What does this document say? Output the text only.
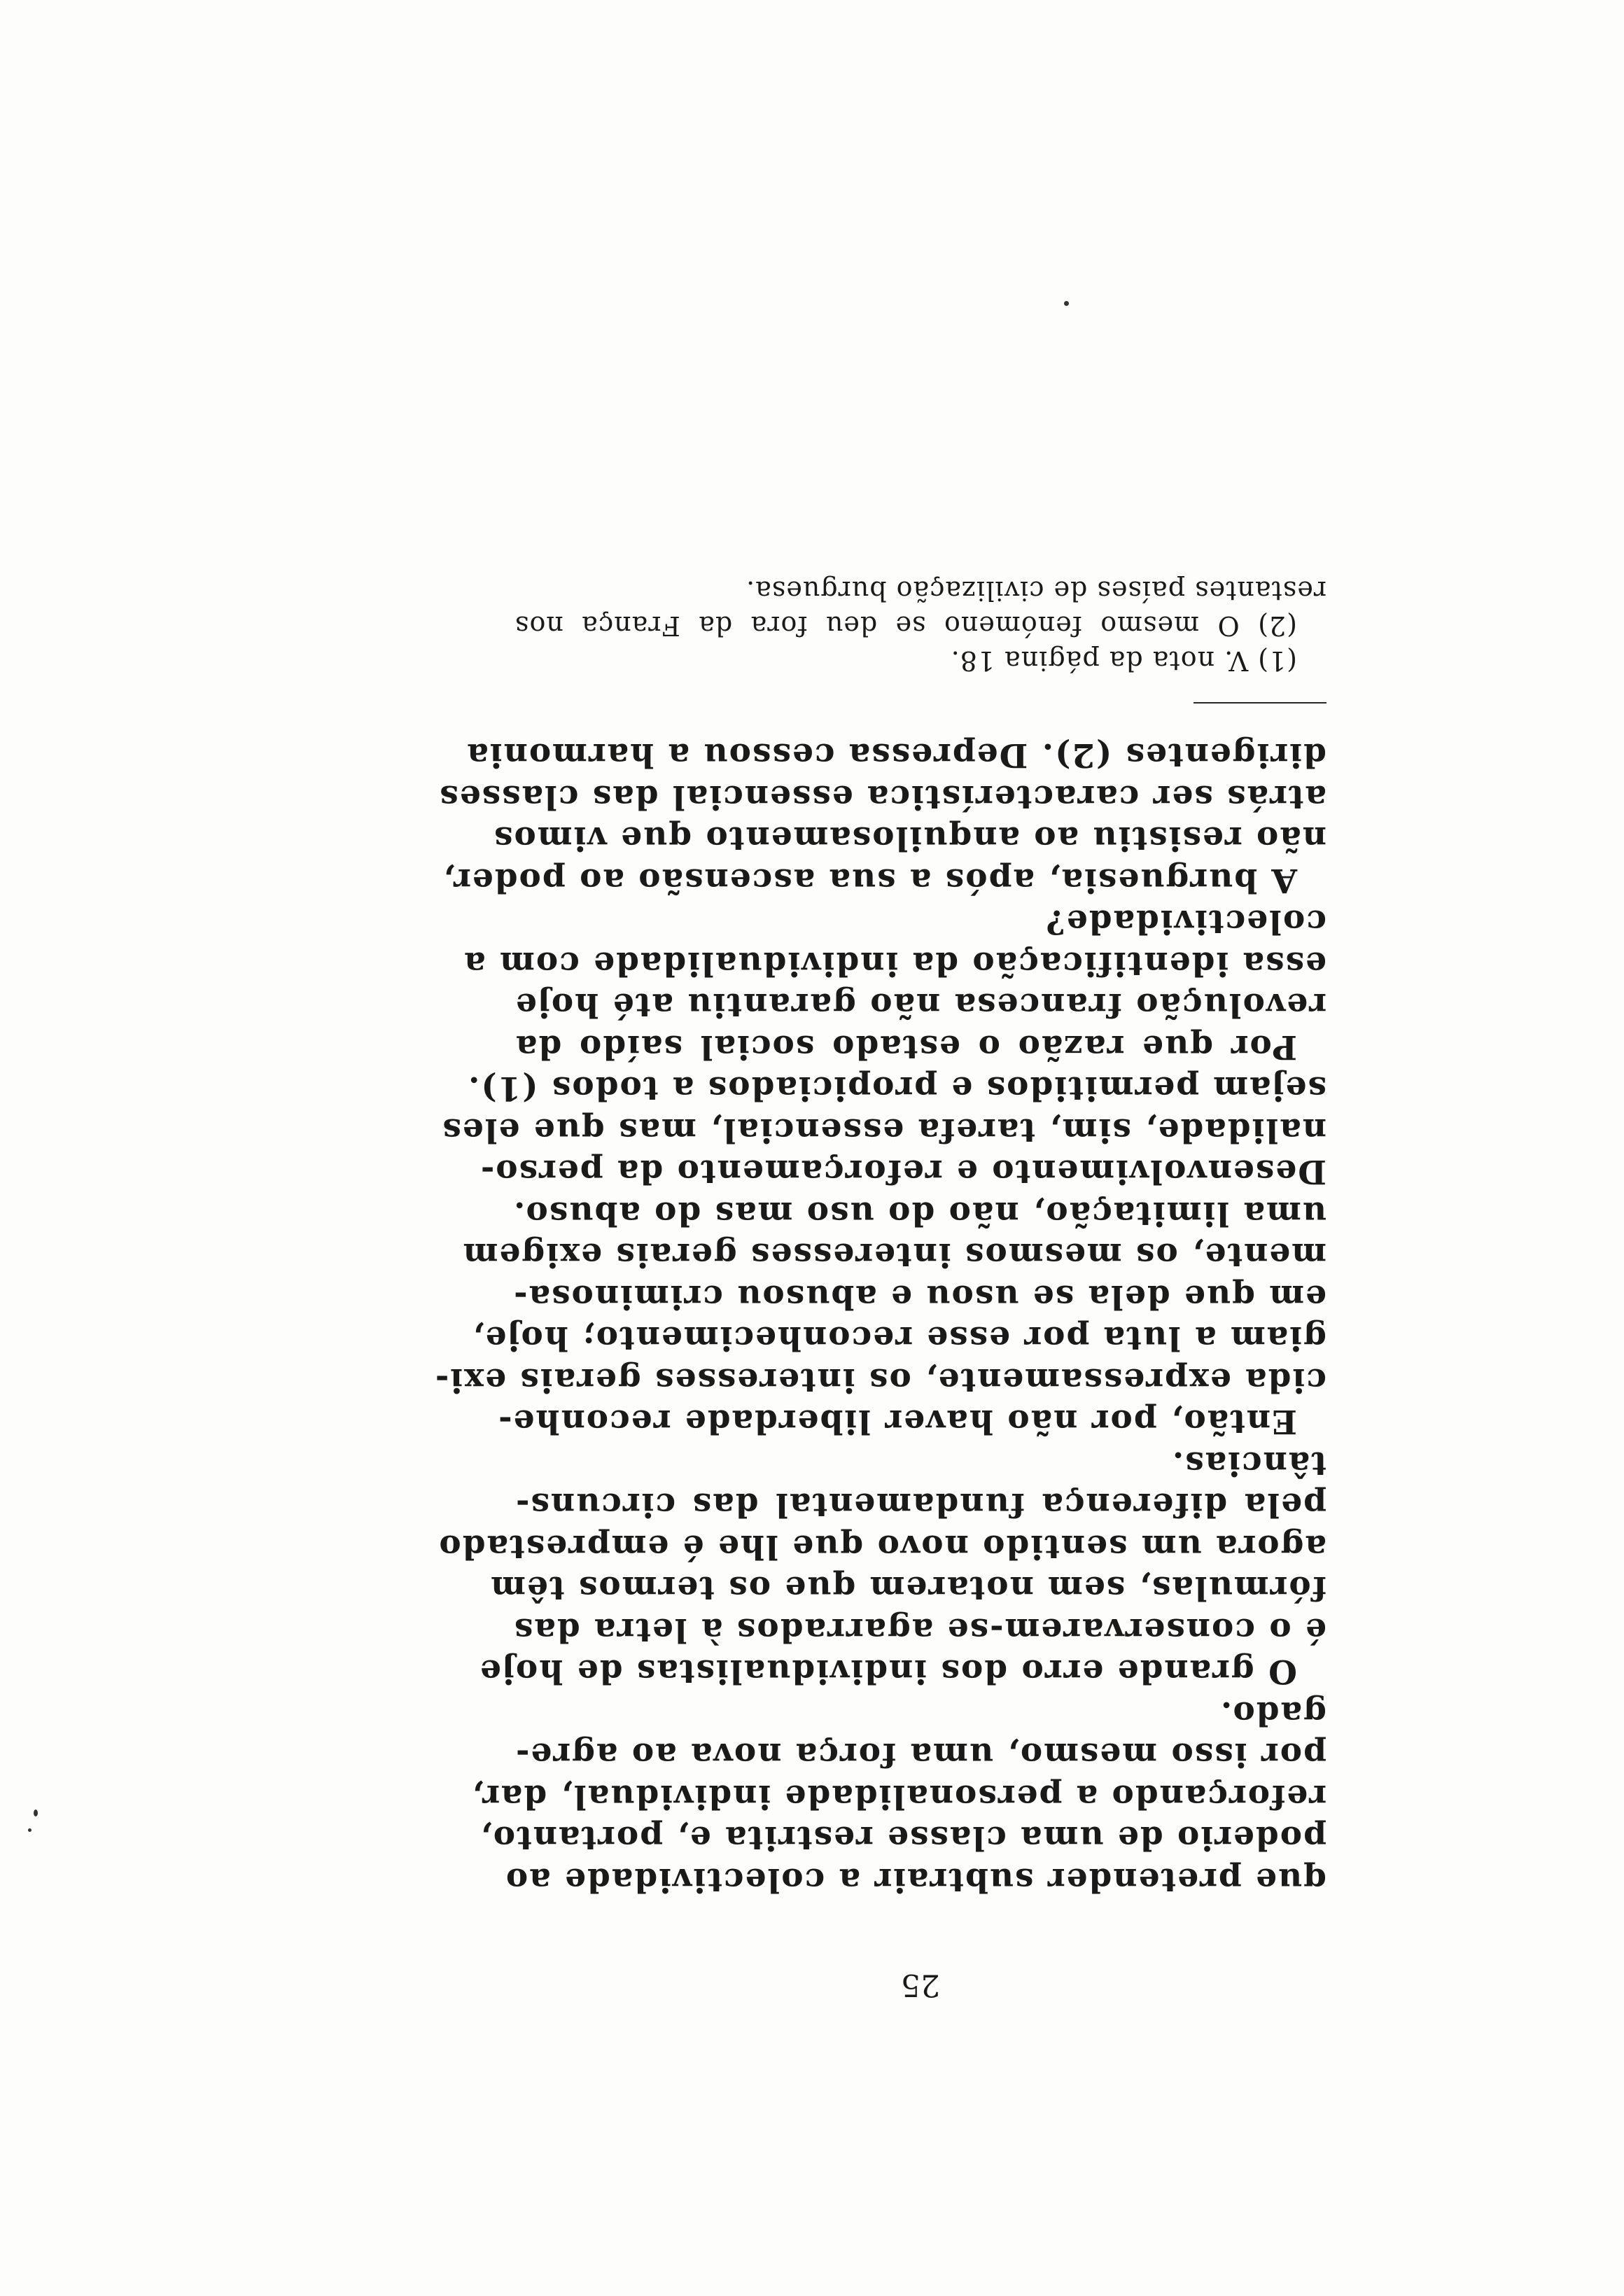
25
que pretender subtrair a colectividade ao
poderio de uma classe restrita e, portanto,
reforçando a personalidade individual, dar,
por isso mesmo, uma força nova ao agre-
gado.
O grande erro dos individualistas de hoje
é o conservarem-se agarrados à letra das
fórmulas, sem notarem que os termos têm
agora um sentido novo que lhe é emprestado
pela diferença fundamental das circuns-
tâncias.
Então, por não haver liberdade reconhe-
cida expressamente, os interesses gerais exi-
giam a luta por esse reconhecimento; hoje,
em que dela se usou e abusou criminosa-
mente, os mesmos interesses gerais exigem
uma limitação, não do uso mas do abuso.
Desenvolvimento e reforçamento da perso-
nalidade, sim, tarefa essencial, mas que eles
sejam permitidos e propiciados a todos (1).
Por que razão o estado social saído da
revolução francesa não garantiu até hoje
essa identificação da individualidade com a
colectividade?
A burguesia, após a sua ascensão ao poder,
não resistiu ao anquilosamento que vimos
atrás ser característica essencial das classes
dirigentes (2). Depressa cessou a harmonia
(1) V. nota da página 18.
(2) O mesmo fenómeno se deu fora da França nos
restantes países de civilização burguesa.
